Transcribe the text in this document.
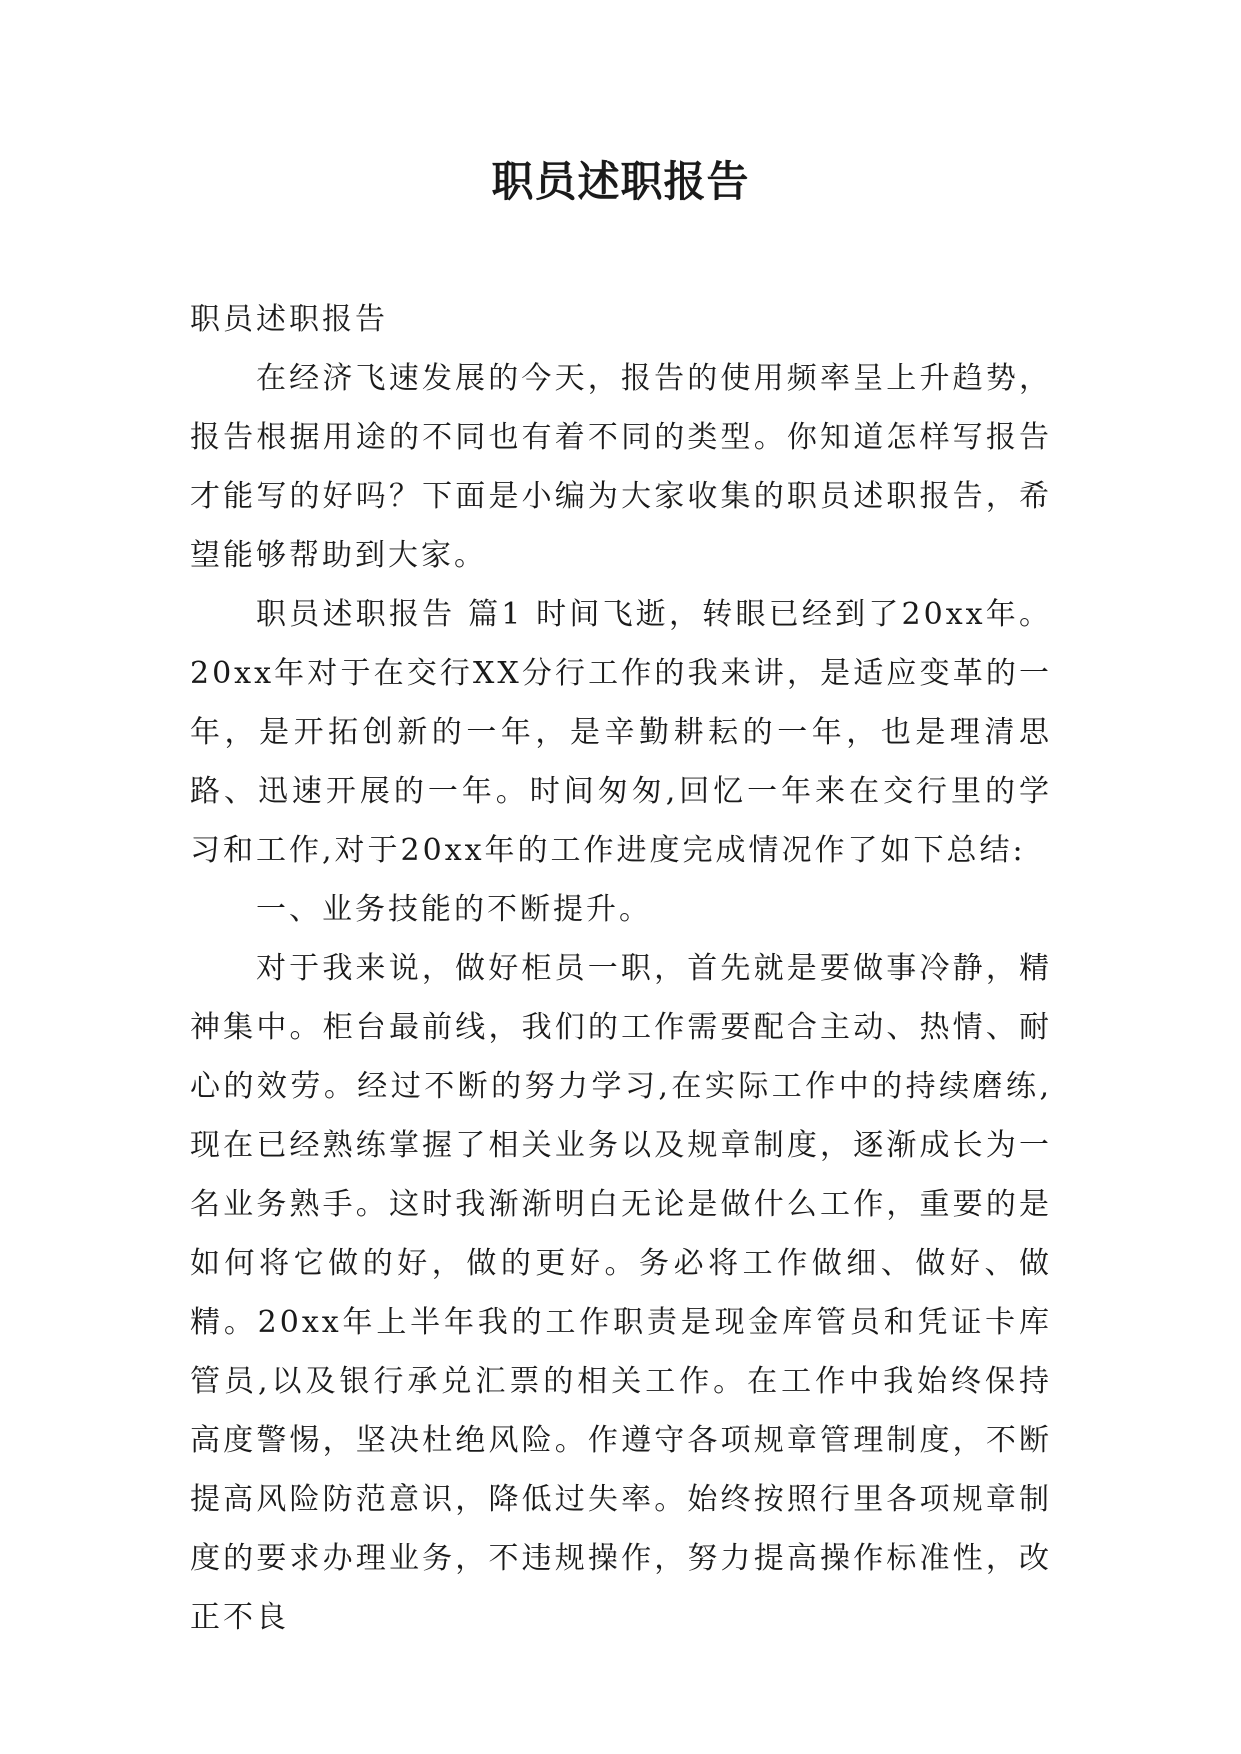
职员述职报告

职员述职报告

在经济飞速发展的今天，报告的使用频率呈上升趋势，报告根据用途的不同也有着不同的类型。你知道怎样写报告才能写的好吗？下面是小编为大家收集的职员述职报告，希望能够帮助到大家。

职员述职报告 篇1 时间飞逝，转眼已经到了20xx年。20xx年对于在交行XX分行工作的我来讲，是适应变革的一年，是开拓创新的一年，是辛勤耕耘的一年，也是理清思路、迅速开展的一年。时间匆匆,回忆一年来在交行里的学习和工作,对于20xx年的工作进度完成情况作了如下总结:

一、业务技能的不断提升。

对于我来说，做好柜员一职，首先就是要做事冷静，精神集中。柜台最前线，我们的工作需要配合主动、热情、耐心的效劳。经过不断的努力学习,在实际工作中的持续磨练,现在已经熟练掌握了相关业务以及规章制度，逐渐成长为一名业务熟手。这时我渐渐明白无论是做什么工作，重要的是如何将它做的好，做的更好。务必将工作做细、做好、做精。20xx年上半年我的工作职责是现金库管员和凭证卡库管员,以及银行承兑汇票的相关工作。在工作中我始终保持高度警惕，坚决杜绝风险。作遵守各项规章管理制度，不断提高风险防范意识，降低过失率。始终按照行里各项规章制度的要求办理业务，不违规操作，努力提高操作标准性，改正不良
